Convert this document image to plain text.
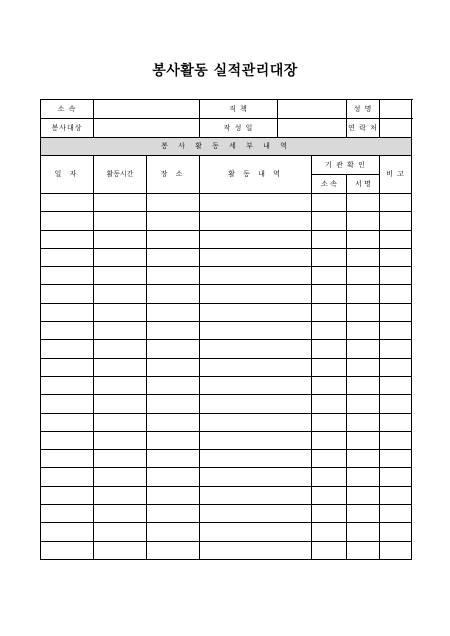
봉사활동 실적관리대장
소 속			직 책			성 명	
봉사대상			작 성 일			연 락 처	
봉 사 활 동 세 부 내 역							
일 자	활동시간	장 소	활 동 내 역		기 관 확 인		비 고
					소 속	서 명	
